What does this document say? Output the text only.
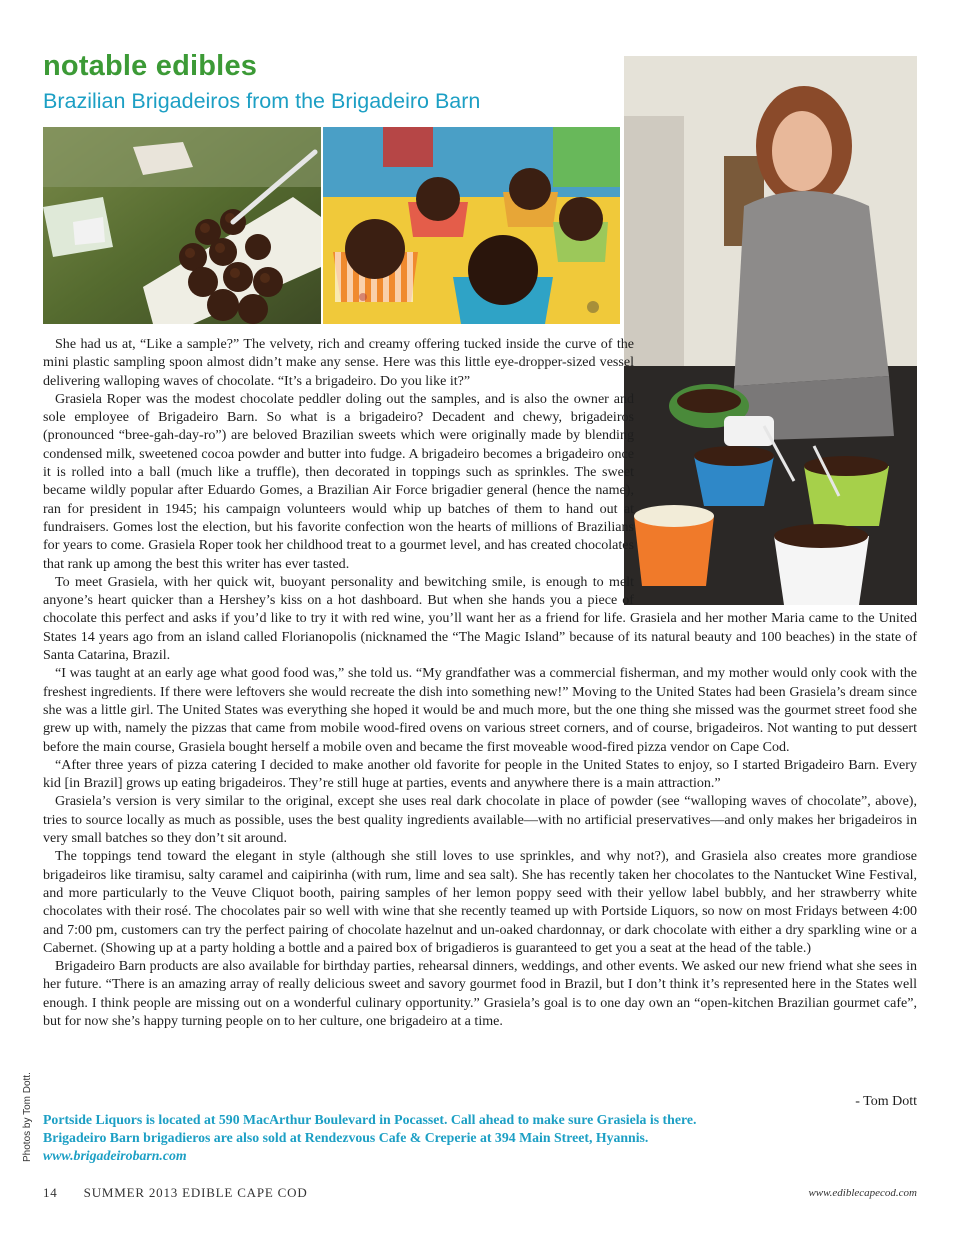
notable edibles
Brazilian Brigadeiros from the Brigadeiro Barn

She had us at, “Like a sample?” The velvety, rich and creamy offering tucked inside the curve of the mini plastic sampling spoon almost didn’t make any sense. Here was this little eye-dropper-sized vessel delivering walloping waves of chocolate. “It’s a brigadeiro. Do you like it?”

Grasiela Roper was the modest chocolate peddler doling out the samples, and is also the owner and sole employee of Brigadeiro Barn. So what is a brigadeiro? Decadent and chewy, brigadeiros (pronounced “bree-gah-day-ro”) are beloved Brazilian sweets which were originally made by blending condensed milk, sweetened cocoa powder and butter into fudge. A brigadeiro becomes a brigadeiro once it is rolled into a ball (much like a truffle), then decorated in toppings such as sprinkles. The sweet became wildly popular after Eduardo Gomes, a Brazilian Air Force brigadier general (hence the name), ran for president in 1945; his campaign volunteers would whip up batches of them to hand out at fundraisers. Gomes lost the election, but his favorite confection won the hearts of millions of Brazilians for years to come. Grasiela Roper took her childhood treat to a gourmet level, and has created chocolates that rank up among the best this writer has ever tasted.

To meet Grasiela, with her quick wit, buoyant personality and bewitching smile, is enough to melt anyone’s heart quicker than a Hershey’s kiss on a hot dashboard. But when she hands you a piece of chocolate this perfect and asks if you’d like to try it with red wine, you’ll want her as a friend for life. Grasiela and her mother Maria came to the United States 14 years ago from an island called Florianopolis (nicknamed the “The Magic Island” because of its natural beauty and 100 beaches) in the state of Santa Catarina, Brazil.

“I was taught at an early age what good food was,” she told us. “My grandfather was a commercial fisherman, and my mother would only cook with the freshest ingredients. If there were leftovers she would recreate the dish into something new!” Moving to the United States had been Grasiela’s dream since she was a little girl. The United States was everything she hoped it would be and much more, but the one thing she missed was the gourmet street food she grew up with, namely the pizzas that came from mobile wood-fired ovens on various street corners, and of course, brigadeiros. Not wanting to put dessert before the main course, Grasiela bought herself a mobile oven and became the first moveable wood-fired pizza vendor on Cape Cod.

“After three years of pizza catering I decided to make another old favorite for people in the United States to enjoy, so I started Brigadeiro Barn. Every kid [in Brazil] grows up eating brigadeiros. They’re still huge at parties, events and anywhere there is a main attraction.”

Grasiela’s version is very similar to the original, except she uses real dark chocolate in place of powder (see “walloping waves of chocolate”, above), tries to source locally as much as possible, uses the best quality ingredients available—with no artificial preservatives—and only makes her brigadeiros in very small batches so they don’t sit around.

The toppings tend toward the elegant in style (although she still loves to use sprinkles, and why not?), and Grasiela also creates more grandiose brigadeiros like tiramisu, salty caramel and caipirinha (with rum, lime and sea salt). She has recently taken her chocolates to the Nantucket Wine Festival, and more particularly to the Veuve Cliquot booth, pairing samples of her lemon poppy seed with their yellow label bubbly, and her strawberry white chocolates with their rosé. The chocolates pair so well with wine that she recently teamed up with Portside Liquors, so now on most Fridays between 4:00 and 7:00 pm, customers can try the perfect pairing of chocolate hazelnut and un-oaked chardonnay, or dark chocolate with either a dry sparkling wine or a Cabernet. (Showing up at a party holding a bottle and a paired box of brigadieros is guaranteed to get you a seat at the head of the table.)

Brigadeiro Barn products are also available for birthday parties, rehearsal dinners, weddings, and other events. We asked our new friend what she sees in her future. “There is an amazing array of really delicious sweet and savory gourmet food in Brazil, but I don’t think it’s represented here in the States well enough. I think people are missing out on a wonderful culinary opportunity.” Grasiela’s goal is to one day own an “open-kitchen Brazilian gourmet cafe”, but for now she’s happy turning people on to her culture, one brigadeiro at a time.

- Tom Dott

Portside Liquors is located at 590 MacArthur Boulevard in Pocasset. Call ahead to make sure Grasiela is there.

Brigadeiro Barn brigadieros are also sold at Rendezvous Cafe & Creperie at 394 Main Street, Hyannis.

www.brigadeirobarn.com

Photos by Tom Dott.

14 SUMMER 2013 EDIBLE CAPE COD	www.ediblecapecod.com
